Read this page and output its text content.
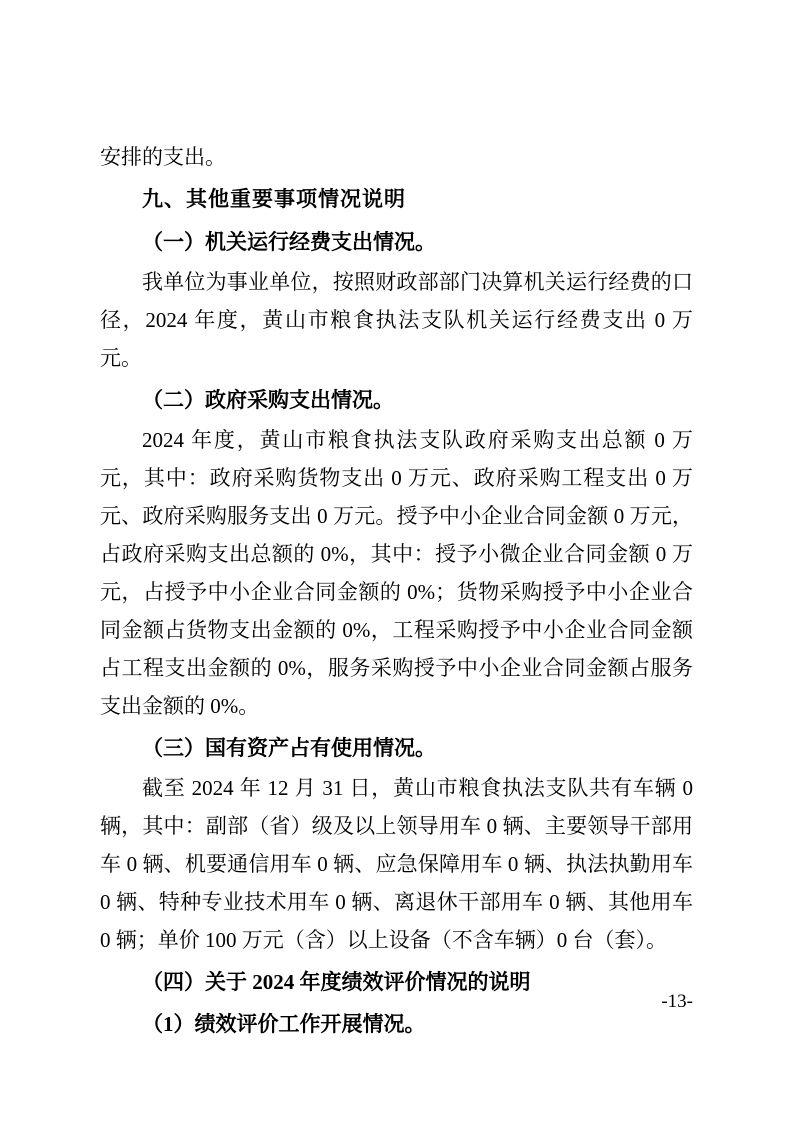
安排的支出。

九、其他重要事项情况说明

（一）机关运行经费支出情况。

我单位为事业单位，按照财政部部门决算机关运行经费的口径，2024 年度，黄山市粮食执法支队机关运行经费支出 0 万元。

（二）政府采购支出情况。

2024 年度，黄山市粮食执法支队政府采购支出总额 0 万元，其中：政府采购货物支出 0 万元、政府采购工程支出 0 万元、政府采购服务支出 0 万元。授予中小企业合同金额 0 万元，占政府采购支出总额的 0%，其中：授予小微企业合同金额 0 万元，占授予中小企业合同金额的 0%；货物采购授予中小企业合同金额占货物支出金额的 0%，工程采购授予中小企业合同金额占工程支出金额的 0%，服务采购授予中小企业合同金额占服务支出金额的 0%。

（三）国有资产占有使用情况。

截至 2024 年 12 月 31 日，黄山市粮食执法支队共有车辆 0 辆，其中：副部（省）级及以上领导用车 0 辆、主要领导干部用车 0 辆、机要通信用车 0 辆、应急保障用车 0 辆、执法执勤用车 0 辆、特种专业技术用车 0 辆、离退休干部用车 0 辆、其他用车 0 辆；单价 100 万元（含）以上设备（不含车辆）0 台（套）。

（四）关于 2024 年度绩效评价情况的说明

（1）绩效评价工作开展情况。

-13-
